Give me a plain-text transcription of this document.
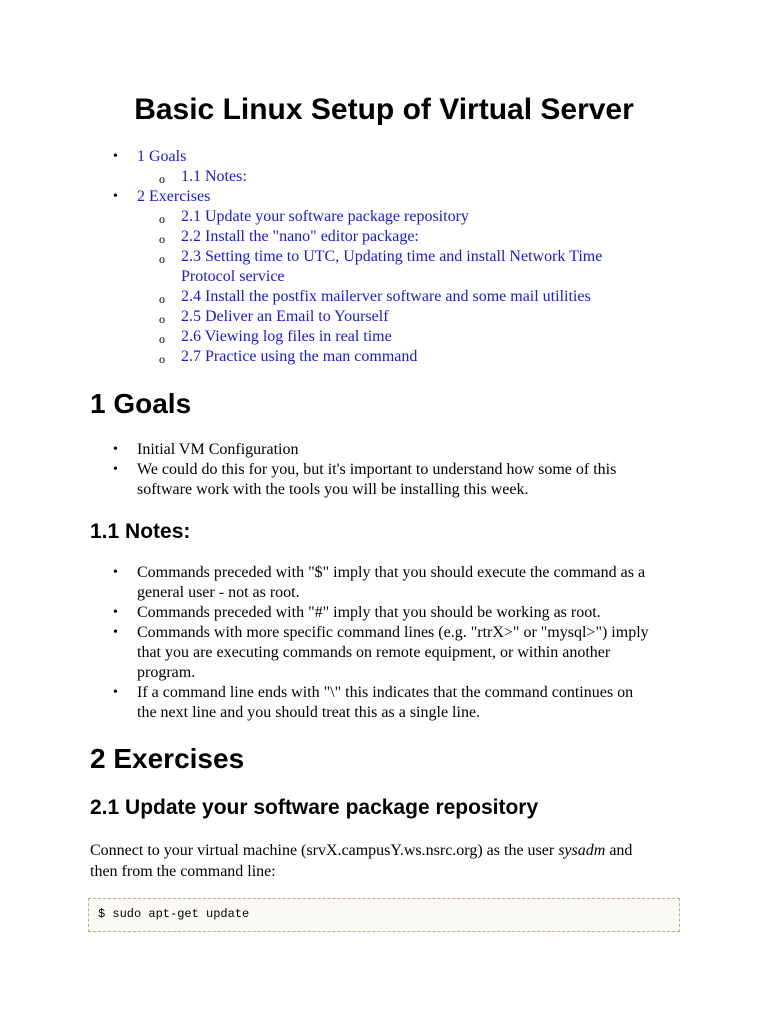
Basic Linux Setup of Virtual Server
• 1 Goals
o 1.1 Notes:
• 2 Exercises
o 2.1 Update your software package repository
o 2.2 Install the "nano" editor package:
o 2.3 Setting time to UTC, Updating time and install Network Time
Protocol service
o 2.4 Install the postfix mailerver software and some mail utilities
o 2.5 Deliver an Email to Yourself
o 2.6 Viewing log files in real time
o 2.7 Practice using the man command
1 Goals
• Initial VM Configuration
• We could do this for you, but it's important to understand how some of this
software work with the tools you will be installing this week.
1.1 Notes:
• Commands preceded with "$" imply that you should execute the command as a
general user - not as root.
• Commands preceded with "#" imply that you should be working as root.
• Commands with more specific command lines (e.g. "rtrX>" or "mysql>") imply
that you are executing commands on remote equipment, or within another
program.
• If a command line ends with "\" this indicates that the command continues on
the next line and you should treat this as a single line.
2 Exercises
2.1 Update your software package repository

Connect to your virtual machine (srvX.campusY.ws.nsrc.org) as the user sysadm and
then from the command line:

$ sudo apt-get update
